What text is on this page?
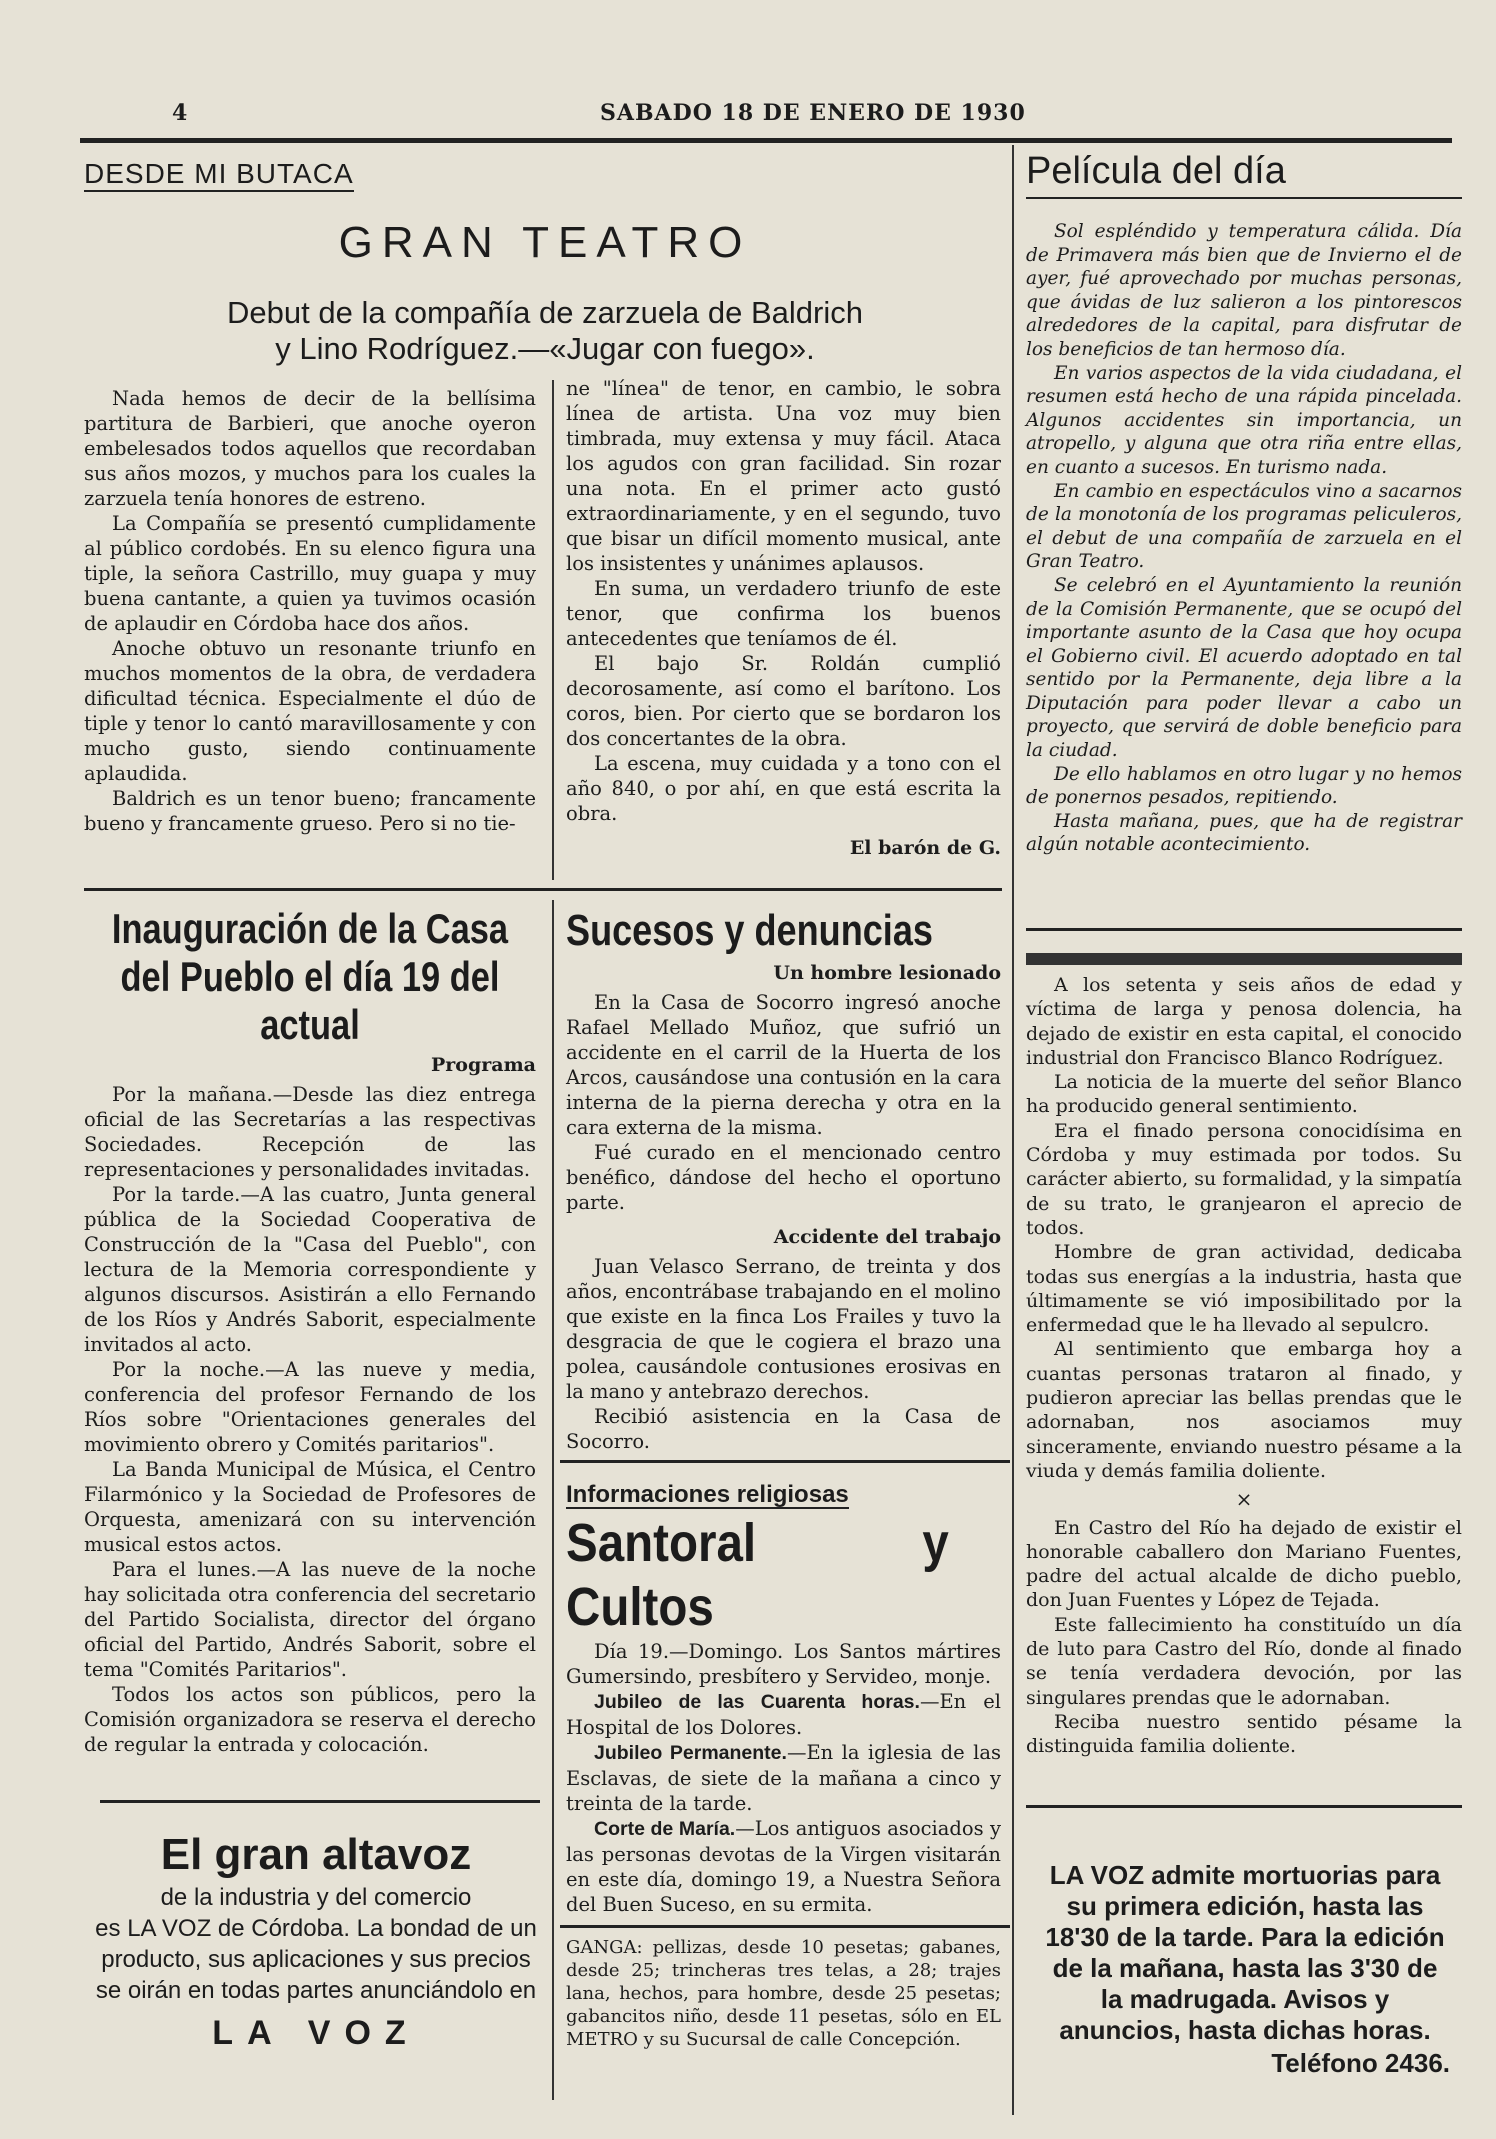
4	SABADO 18 DE ENERO DE 1930
DESDE MI BUTACA
GRAN TEATRO
Debut de la compañía de zarzuela de Baldrich
y Lino Rodríguez.—«Jugar con fuego».

Nada hemos de decir de la bellísima partitura de Barbieri, que anoche oyeron embelesados todos aquellos que recordaban sus años mozos, y muchos para los cuales la zarzuela tenía honores de estreno.

La Compañía se presentó cumplidamente al público cordobés. En su elenco figura una tiple, la señora Castrillo, muy guapa y muy buena cantante, a quien ya tuvimos ocasión de aplaudir en Córdoba hace dos años.

Anoche obtuvo un resonante triunfo en muchos momentos de la obra, de verdadera dificultad técnica. Especialmente el dúo de tiple y tenor lo cantó maravillosamente y con mucho gusto, siendo continuamente aplaudida.

Baldrich es un tenor bueno; francamente bueno y francamente grueso. Pero si no tie-

ne "línea" de tenor, en cambio, le sobra línea de artista. Una voz muy bien timbrada, muy extensa y muy fácil. Ataca los agudos con gran facilidad. Sin rozar una nota. En el primer acto gustó extraordinariamente, y en el segundo, tuvo que bisar un difícil momento musical, ante los insistentes y unánimes aplausos.

En suma, un verdadero triunfo de este tenor, que confirma los buenos antecedentes que teníamos de él.

El bajo Sr. Roldán cumplió decorosamente, así como el barítono. Los coros, bien. Por cierto que se bordaron los dos concertantes de la obra.

La escena, muy cuidada y a tono con el año 840, o por ahí, en que está escrita la obra.

El barón de G.
Película del día

Sol espléndido y temperatura cálida. Día de Primavera más bien que de Invierno el de ayer, fué aprovechado por muchas personas, que ávidas de luz salieron a los pintorescos alrededores de la capital, para disfrutar de los beneficios de tan hermoso día.

En varios aspectos de la vida ciudadana, el resumen está hecho de una rápida pincelada. Algunos accidentes sin importancia, un atropello, y alguna que otra riña entre ellas, en cuanto a sucesos. En turismo nada.

En cambio en espectáculos vino a sacarnos de la monotonía de los programas peliculeros, el debut de una compañía de zarzuela en el Gran Teatro.

Se celebró en el Ayuntamiento la reunión de la Comisión Permanente, que se ocupó del importante asunto de la Casa que hoy ocupa el Gobierno civil. El acuerdo adoptado en tal sentido por la Permanente, deja libre a la Diputación para poder llevar a cabo un proyecto, que servirá de doble beneficio para la ciudad.

De ello hablamos en otro lugar y no hemos de ponernos pesados, repitiendo.

Hasta mañana, pues, que ha de registrar algún notable acontecimiento.

Inauguración de la Casa del Pueblo el día 19 del actual
Programa

Por la mañana.—Desde las diez entrega oficial de las Secretarías a las respectivas Sociedades. Recepción de las representaciones y personalidades invitadas.

Por la tarde.—A las cuatro, Junta general pública de la Sociedad Cooperativa de Construcción de la "Casa del Pueblo", con lectura de la Memoria correspondiente y algunos discursos. Asistirán a ello Fernando de los Ríos y Andrés Saborit, especialmente invitados al acto.

Por la noche.—A las nueve y media, conferencia del profesor Fernando de los Ríos sobre "Orientaciones generales del movimiento obrero y Comités paritarios".

La Banda Municipal de Música, el Centro Filarmónico y la Sociedad de Profesores de Orquesta, amenizará con su intervención musical estos actos.

Para el lunes.—A las nueve de la noche hay solicitada otra conferencia del secretario del Partido Socialista, director del órgano oficial del Partido, Andrés Saborit, sobre el tema "Comités Paritarios".

Todos los actos son públicos, pero la Comisión organizadora se reserva el derecho de regular la entrada y colocación.

El gran altavoz
de la industria y del comercio
es LA VOZ de Córdoba. La bondad de un producto, sus aplicaciones y sus precios se oirán en todas partes anunciándolo en
LA VOZ
Sucesos y denuncias
Un hombre lesionado

En la Casa de Socorro ingresó anoche Rafael Mellado Muñoz, que sufrió un accidente en el carril de la Huerta de los Arcos, causándose una contusión en la cara interna de la pierna derecha y otra en la cara externa de la misma.

Fué curado en el mencionado centro benéfico, dándose del hecho el oportuno parte.

Accidente del trabajo

Juan Velasco Serrano, de treinta y dos años, encontrábase trabajando en el molino que existe en la finca Los Frailes y tuvo la desgracia de que le cogiera el brazo una polea, causándole contusiones erosivas en la mano y antebrazo derechos.

Recibió asistencia en la Casa de Socorro.

Informaciones religiosas
Santoral y Cultos

Día 19.—Domingo. Los Santos mártires Gumersindo, presbítero y Servideo, monje.

Jubileo de las Cuarenta horas.—En el Hospital de los Dolores.

Jubileo Permanente.—En la iglesia de las Esclavas, de siete de la mañana a cinco y treinta de la tarde.

Corte de María.—Los antiguos asociados y las personas devotas de la Virgen visitarán en este día, domingo 19, a Nuestra Señora del Buen Suceso, en su ermita.

GANGA: pellizas, desde 10 pesetas; gabanes, desde 25; trincheras tres telas, a 28; trajes lana, hechos, para hombre, desde 25 pesetas; gabancitos niño, desde 11 pesetas, sólo en EL METRO y su Sucursal de calle Concepción.

A los setenta y seis años de edad y víctima de larga y penosa dolencia, ha dejado de existir en esta capital, el conocido industrial don Francisco Blanco Rodríguez.

La noticia de la muerte del señor Blanco ha producido general sentimiento.

Era el finado persona conocidísima en Córdoba y muy estimada por todos. Su carácter abierto, su formalidad, y la simpatía de su trato, le granjearon el aprecio de todos.

Hombre de gran actividad, dedicaba todas sus energías a la industria, hasta que últimamente se vió imposibilitado por la enfermedad que le ha llevado al sepulcro.

Al sentimiento que embarga hoy a cuantas personas trataron al finado, y pudieron apreciar las bellas prendas que le adornaban, nos asociamos muy sinceramente, enviando nuestro pésame a la viuda y demás familia doliente.

×

En Castro del Río ha dejado de existir el honorable caballero don Mariano Fuentes, padre del actual alcalde de dicho pueblo, don Juan Fuentes y López de Tejada.

Este fallecimiento ha constituído un día de luto para Castro del Río, donde al finado se tenía verdadera devoción, por las singulares prendas que le adornaban.

Reciba nuestro sentido pésame la distinguida familia doliente.

LA VOZ admite mortuorias para su primera edición, hasta las 18'30 de la tarde. Para la edición de la mañana, hasta las 3'30 de la madrugada. Avisos y anuncios, hasta dichas horas.
Teléfono 2436.
